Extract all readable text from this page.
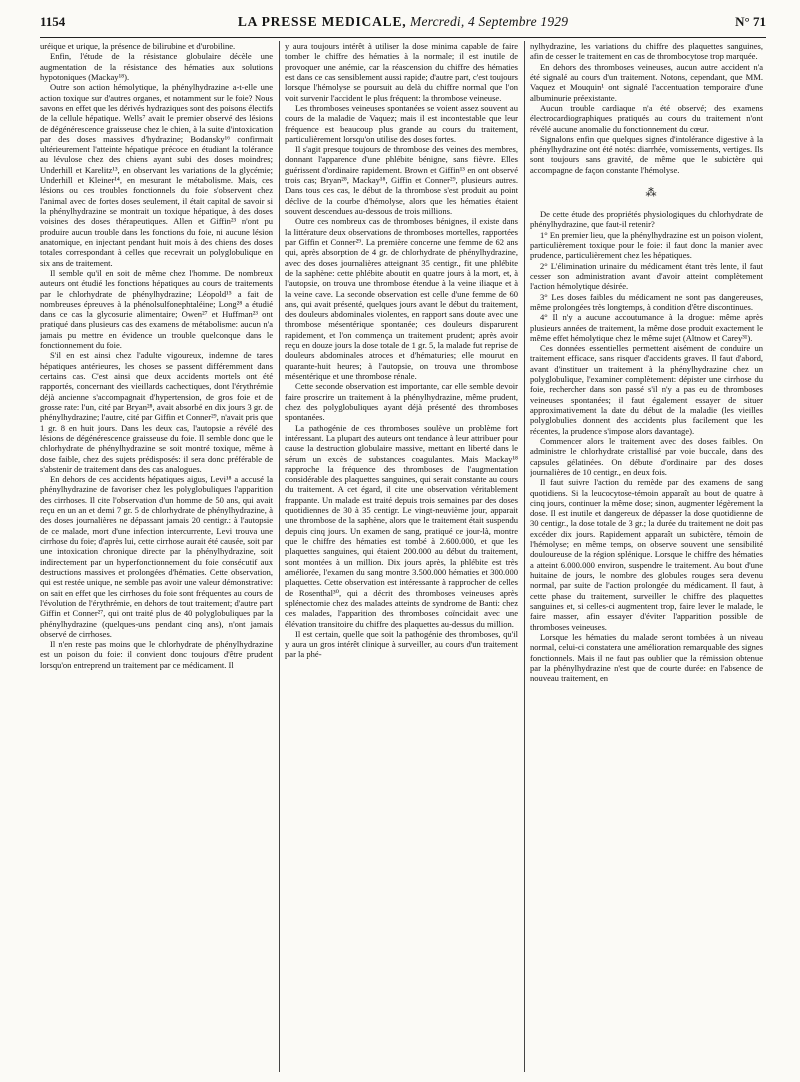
1154	LA PRESSE MEDICALE, Mercredi, 4 Septembre 1929	N° 71

uréique et urique, la présence de bilirubine et d'urobiline.

Enfin, l'étude de la résistance globulaire décèle une augmentation de la résistance des hématies aux solutions hypotoniques (Mackay¹⁸).

Outre son action hémolytique, la phénylhydrazine a-t-elle une action toxique sur d'autres organes, et notamment sur le foie? Nous savons en effet que les dérivés hydraziques sont des poisons électifs de la cellule hépatique. Wells⁷ avait le premier observé des lésions de dégénérescence graisseuse chez le chien, à la suite d'intoxication par des doses massives d'hydrazine; Bodansky¹⁶ confirmait ultérieurement l'atteinte hépatique précoce en étudiant la tolérance au lévulose chez des chiens ayant subi des doses moindres; Underhill et Karelitz¹³, en observant les variations de la glycémie; Underhill et Kleiner¹⁴, en mesurant le métabolisme. Mais, ces lésions ou ces troubles fonctionnels du foie s'observent chez l'animal avec de fortes doses seulement, il était capital de savoir si la phénylhydrazine se montrait un toxique hépatique, à des doses voisines des doses thérapeutiques. Allen et Giffin²³ n'ont pu produire aucun trouble dans les fonctions du foie, ni aucune lésion anatomique, en injectant pendant huit mois à des chiens des doses totales correspondant à celles que recevrait un polyglobulique en six ans de traitement.

Il semble qu'il en soit de même chez l'homme. De nombreux auteurs ont étudié les fonctions hépatiques au cours de traitements par le chlorhydrate de phénylhydrazine; Léopold¹⁵ a fait de nombreuses épreuves à la phénolsulfonephtaléine; Long²⁸ a étudié dans ce cas la glycosurie alimentaire; Owen²⁷ et Huffman²³ ont pratiqué dans plusieurs cas des examens de métabolisme: aucun n'a jamais pu mettre en évidence un trouble quelconque dans le fonctionnement du foie.

S'il en est ainsi chez l'adulte vigoureux, indemne de tares hépatiques antérieures, les choses se passent différemment dans certains cas. C'est ainsi que deux accidents mortels ont été rapportés, concernant des vieillards cachectiques, dont l'érythrémie déjà ancienne s'accompagnait d'hypertension, de gros foie et de grosse rate: l'un, cité par Bryan²⁸, avait absorbé en dix jours 3 gr. de phénylhydrazine; l'autre, cité par Giffin et Conner²⁹, n'avait pris que 1 gr. 8 en huit jours. Dans les deux cas, l'autopsie a révélé des lésions de dégénérescence graisseuse du foie. Il semble donc que le chlorhydrate de phénylhydrazine se soit montré toxique, même à dose faible, chez des sujets prédisposés: il sera donc préférable de s'abstenir de traitement dans des cas analogues.

En dehors de ces accidents hépatiques aigus, Levi¹⁸ a accusé la phénylhydrazine de favoriser chez les polyglobuliques l'apparition des cirrhoses. Il cite l'observation d'un homme de 50 ans, qui avait reçu en un an et demi 7 gr. 5 de chlorhydrate de phénylhydrazine, à des doses journalières ne dépassant jamais 20 centigr.: à l'autopsie de ce malade, mort d'une infection intercurrente, Levi trouva une cirrhose du foie; d'après lui, cette cirrhose aurait été causée, soit par une intoxication chronique directe par la phénylhydrazine, soit indirectement par un hyperfonctionnement du foie consécutif aux destructions massives et prolongées d'hématies. Cette observation, qui est restée unique, ne semble pas avoir une valeur démonstrative: on sait en effet que les cirrhoses du foie sont fréquentes au cours de l'évolution de l'érythrémie, en dehors de tout traitement; d'autre part Giffin et Conner²⁷, qui ont traité plus de 40 polyglobuliques par la phénylhydrazine (quelques-uns pendant cinq ans), n'ont jamais observé de cirrhoses.

Il n'en reste pas moins que le chlorhydrate de phénylhydrazine est un poison du foie: il convient donc toujours d'être prudent lorsqu'on entreprend un traitement par ce médicament. Il

y aura toujours intérêt à utiliser la dose minima capable de faire tomber le chiffre des hématies à la normale; il est inutile de provoquer une anémie, car la réascension du chiffre des hématies est dans ce cas sensiblement aussi rapide; d'autre part, c'est toujours lorsque l'hémolyse se poursuit au delà du chiffre normal que l'on voit survenir l'accident le plus fréquent: la thrombose veineuse.

Les thromboses veineuses spontanées se voient assez souvent au cours de la maladie de Vaquez; mais il est incontestable que leur fréquence est beaucoup plus grande au cours du traitement, particulièrement lorsqu'on utilise des doses fortes.

Il s'agit presque toujours de thrombose des veines des membres, donnant l'apparence d'une phlébite bénigne, sans fièvre. Elles guérissent d'ordinaire rapidement. Brown et Giffin¹³ en ont observé trois cas; Bryan²⁸, Mackay¹⁸, Giffin et Conner²⁹, plusieurs autres. Dans tous ces cas, le début de la thrombose s'est produit au point déclive de la courbe d'hémolyse, alors que les hématies étaient souvent descendues au-dessous de trois millions.

Outre ces nombreux cas de thromboses bénignes, il existe dans la littérature deux observations de thromboses mortelles, rapportées par Giffin et Conner²⁹. La première concerne une femme de 62 ans qui, après absorption de 4 gr. de chlorhydrate de phénylhydrazine, avec des doses journalières atteignant 35 centigr., fit une phlébite de la saphène: cette phlébite aboutit en quatre jours à la mort, et, à l'autopsie, on trouva une thrombose étendue à la veine iliaque et à la veine cave. La seconde observation est celle d'une femme de 60 ans, qui avait présenté, quelques jours avant le début du traitement, des douleurs abdominales violentes, en rapport sans doute avec une thrombose mésentérique spontanée; ces douleurs disparurent rapidement, et l'on commença un traitement prudent; après avoir reçu en douze jours la dose totale de 1 gr. 5, la malade fut reprise de douleurs abdominales atroces et d'hématuries; elle mourut en quarante-huit heures; à l'autopsie, on trouva une thrombose mésentérique et une thrombose rénale.

Cette seconde observation est importante, car elle semble devoir faire proscrire un traitement à la phénylhydrazine, même prudent, chez des polyglobuliques ayant déjà présenté des thromboses spontanées.

La pathogénie de ces thromboses soulève un problème fort intéressant. La plupart des auteurs ont tendance à leur attribuer pour cause la destruction globulaire massive, mettant en liberté dans le sérum un excès de substances coagulantes. Mais Mackay¹⁸ rapproche la fréquence des thromboses de l'augmentation considérable des plaquettes sanguines, qui serait constante au cours du traitement. A cet égard, il cite une observation véritablement frappante. Un malade est traité depuis trois semaines par des doses quotidiennes de 30 à 35 centigr. Le vingt-neuvième jour, apparait une thrombose de la saphène, alors que le traitement était suspendu depuis cinq jours. Un examen de sang, pratiqué ce jour-là, montre que le chiffre des hématies est tombé à 2.600.000, et que les plaquettes sanguines, qui étaient 200.000 au début du traitement, sont montées à un million. Dix jours après, la phlébite est très améliorée, l'examen du sang montre 3.500.000 hématies et 300.000 plaquettes. Cette observation est intéressante à rapprocher de celles de Rosenthal³⁰, qui a décrit des thromboses veineuses après splénectomie chez des malades atteints de syndrome de Banti: chez ces malades, l'apparition des thromboses coïncidait avec une élévation transitoire du chiffre des plaquettes au-dessus du million.

Il est certain, quelle que soit la pathogénie des thromboses, qu'il y aura un gros intérêt clinique à surveiller, au cours d'un traitement par la phé-

nylhydrazine, les variations du chiffre des plaquettes sanguines, afin de cesser le traitement en cas de thrombocytose trop marquée.

En dehors des thromboses veineuses, aucun autre accident n'a été signalé au cours d'un traitement. Notons, cependant, que MM. Vaquez et Mouquin¹ ont signalé l'accentuation temporaire d'une albuminurie préexistante.

Aucun trouble cardiaque n'a été observé; des examens électrocardiographiques pratiqués au cours du traitement n'ont révélé aucune anomalie du fonctionnement du cœur.

Signalons enfin que quelques signes d'intolérance digestive à la phénylhydrazine ont été notés: diarrhée, vomissements, vertiges. Ils sont toujours sans gravité, de même que le subictère qui accompagne de façon constante l'hémolyse.

⁂

De cette étude des propriétés physiologiques du chlorhydrate de phénylhydrazine, que faut-il retenir?

1° En premier lieu, que la phénylhydrazine est un poison violent, particulièrement toxique pour le foie: il faut donc la manier avec prudence, particulièrement chez les hépatiques.

2° L'élimination urinaire du médicament étant très lente, il faut cesser son administration avant d'avoir atteint complètement l'action hémolytique désirée.

3° Les doses faibles du médicament ne sont pas dangereuses, même prolongées très longtemps, à condition d'être discontinues.

4° Il n'y a aucune accoutumance à la drogue: même après plusieurs années de traitement, la même dose produit exactement le même effet hémolytique chez le même sujet (Altnow et Carey³¹).

Ces données essentielles permettent aisément de conduire un traitement efficace, sans risquer d'accidents graves. Il faut d'abord, avant d'instituer un traitement à la phénylhydrazine chez un polyglobulique, l'examiner complètement: dépister une cirrhose du foie, rechercher dans son passé s'il n'y a pas eu de thromboses veineuses spontanées; il faut également essayer de situer approximativement la date du début de la maladie (les vieilles polyglobulies donnent des accidents plus facilement que les récentes, la prudence s'impose alors davantage).

Commencer alors le traitement avec des doses faibles. On administre le chlorhydrate cristallisé par voie buccale, dans des capsules gélatinées. On débute d'ordinaire par des doses journalières de 10 centigr., en deux fois.

Il faut suivre l'action du remède par des examens de sang quotidiens. Si la leucocytose-témoin apparaît au bout de quatre à cinq jours, continuer la même dose; sinon, augmenter légèrement la dose. Il est inutile et dangereux de dépasser la dose quotidienne de 30 centigr., la dose totale de 3 gr.; la durée du traitement ne doit pas excéder dix jours. Rapidement apparaît un subictère, témoin de l'hémolyse; en même temps, on observe souvent une sensibilité douloureuse de la région splénique. Lorsque le chiffre des hématies a atteint 6.000.000 environ, suspendre le traitement. Au bout d'une huitaine de jours, le nombre des globules rouges sera devenu normal, par suite de l'action prolongée du médicament. Il faut, à cette phase du traitement, surveiller le chiffre des plaquettes sanguines et, si celles-ci augmentent trop, faire lever le malade, le faire masser, afin essayer d'éviter l'apparition possible de thromboses veineuses.

Lorsque les hématies du malade seront tombées à un niveau normal, celui-ci constatera une amélioration remarquable des signes fonctionnels. Mais il ne faut pas oublier que la rémission obtenue par la phénylhydrazine n'est que de courte durée: en l'absence de nouveau traitement, en
